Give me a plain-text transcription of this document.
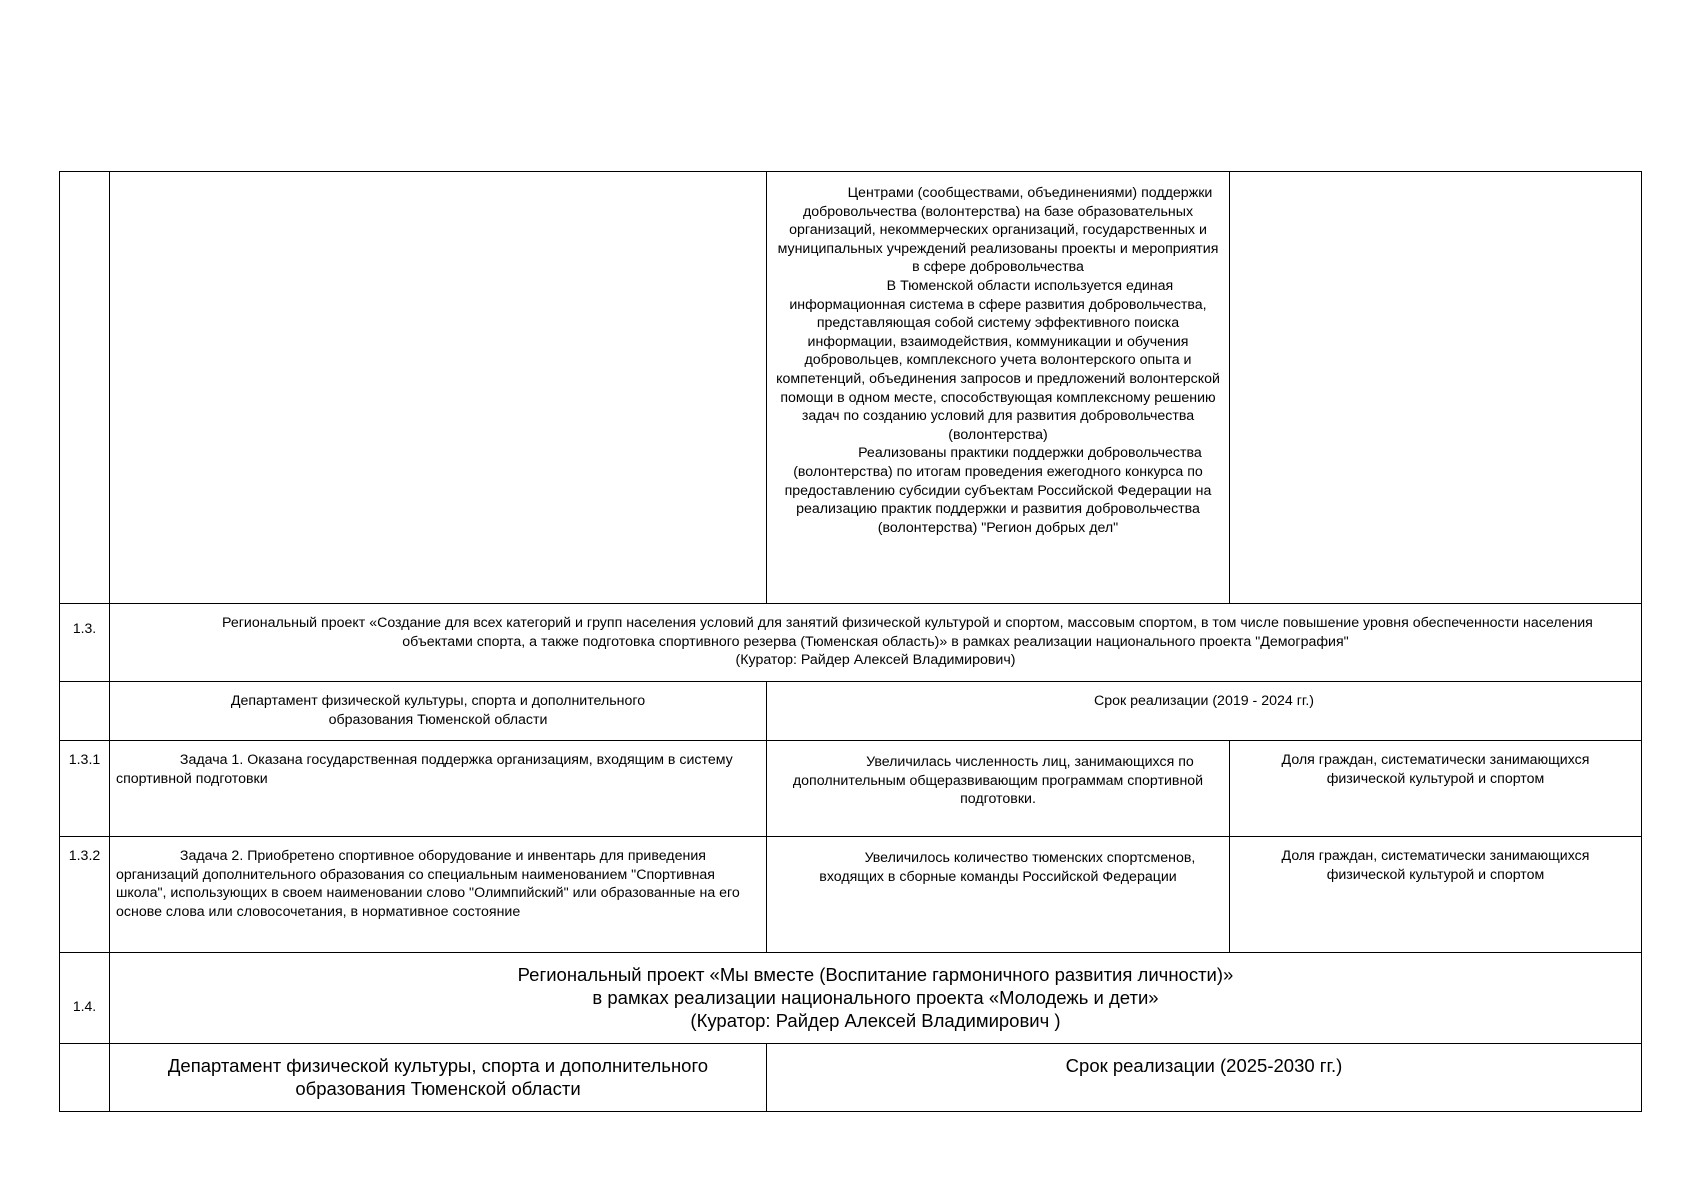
		Центрами (сообществами, объединениями) поддержки добровольчества (волонтерства) на базе образовательных организаций, некоммерческих организаций, государственных и муниципальных учреждений реализованы проекты и мероприятия в сфере добровольчества
В Тюменской области используется единая информационная система в сфере развития добровольчества, представляющая собой систему эффективного поиска информации, взаимодействия, коммуникации и обучения добровольцев, комплексного учета волонтерского опыта и компетенций, объединения запросов и предложений волонтерской помощи в одном месте, способствующая комплексному решению задач по созданию условий для развития добровольчества (волонтерства)
Реализованы практики поддержки добровольчества (волонтерства) по итогам проведения ежегодного конкурса по предоставлению субсидии субъектам Российской Федерации на реализацию практик поддержки и развития добровольчества (волонтерства) "Регион добрых дел"	

1.3.	Региональный проект «Создание для всех категорий и групп населения условий для занятий физической культурой и спортом, массовым спортом, в том числе повышение уровня обеспеченности населения объектами спорта, а также подготовка спортивного резерва (Тюменская область)» в рамках реализации национального проекта "Демография"
(Куратор: Райдер Алексей Владимирович)		

	Департамент физической культуры, спорта и дополнительного образования Тюменской области	Срок реализации (2019 - 2024 гг.)	
1.3.1	Задача 1. Оказана государственная поддержка организациям, входящим в систему спортивной подготовки	Увеличилась численность лиц, занимающихся по дополнительным общеразвивающим программам спортивной подготовки.	Доля граждан, систематически занимающихся физической культурой и спортом
1.3.2	Задача 2. Приобретено спортивное оборудование и инвентарь для приведения организаций дополнительного образования со специальным наименованием "Спортивная школа", использующих в своем наименовании слово "Олимпийский" или образованные на его основе слова или словосочетания, в нормативное состояние	Увеличилось количество тюменских спортсменов, входящих в сборные команды Российской Федерации	Доля граждан, систематически занимающихся физической культурой и спортом
1.4.	Региональный проект «Мы вместе (Воспитание гармоничного развития личности)»
в рамках реализации национального проекта «Молодежь и дети»
(Куратор: Райдер Алексей Владимирович )		

	Департамент физической культуры, спорта и дополнительного образования Тюменской области	Срок реализации (2025-2030 гг.)	
